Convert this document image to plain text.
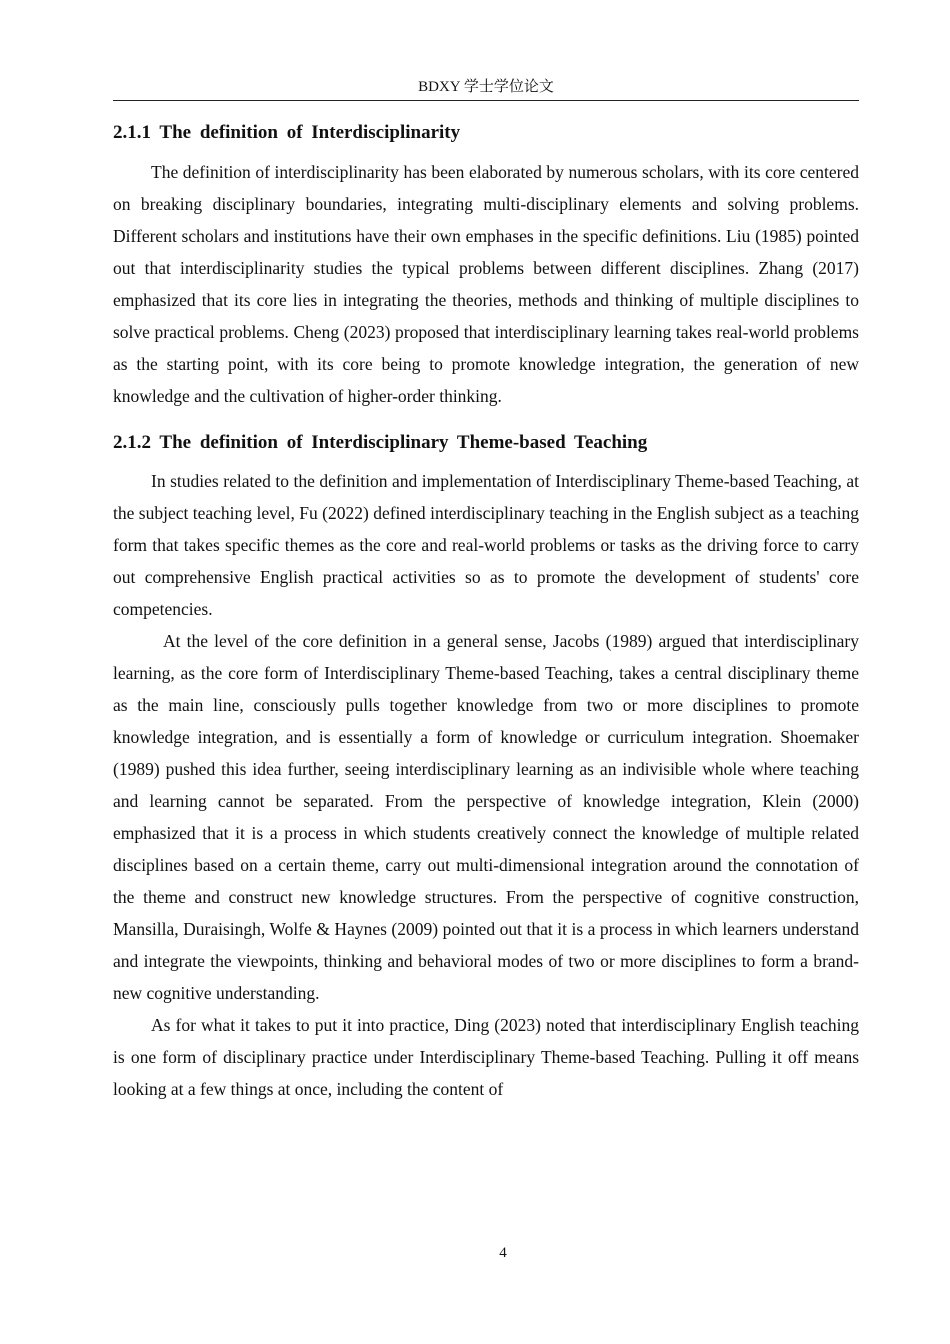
BDXY 学士学位论文
2.1.1 The definition of Interdisciplinarity

The definition of interdisciplinarity has been elaborated by numerous scholars, with its core centered on breaking disciplinary boundaries, integrating multi-disciplinary elements and solving problems. Different scholars and institutions have their own emphases in the specific definitions. Liu (1985) pointed out that interdisciplinarity studies the typical problems between different disciplines. Zhang (2017) emphasized that its core lies in integrating the theories, methods and thinking of multiple disciplines to solve practical problems. Cheng (2023) proposed that interdisciplinary learning takes real-world problems as the starting point, with its core being to promote knowledge integration, the generation of new knowledge and the cultivation of higher-order thinking.

2.1.2 The definition of Interdisciplinary Theme-based Teaching

In studies related to the definition and implementation of Interdisciplinary Theme-based Teaching, at the subject teaching level, Fu (2022) defined interdisciplinary teaching in the English subject as a teaching form that takes specific themes as the core and real-world problems or tasks as the driving force to carry out comprehensive English practical activities so as to promote the development of students' core competencies.

At the level of the core definition in a general sense, Jacobs (1989) argued that interdisciplinary learning, as the core form of Interdisciplinary Theme-based Teaching, takes a central disciplinary theme as the main line, consciously pulls together knowledge from two or more disciplines to promote knowledge integration, and is essentially a form of knowledge or curriculum integration. Shoemaker (1989) pushed this idea further, seeing interdisciplinary learning as an indivisible whole where teaching and learning cannot be separated. From the perspective of knowledge integration, Klein (2000) emphasized that it is a process in which students creatively connect the knowledge of multiple related disciplines based on a certain theme, carry out multi-dimensional integration around the connotation of the theme and construct new knowledge structures. From the perspective of cognitive construction, Mansilla, Duraisingh, Wolfe & Haynes (2009) pointed out that it is a process in which learners understand and integrate the viewpoints, thinking and behavioral modes of two or more disciplines to form a brand-new cognitive understanding.

As for what it takes to put it into practice, Ding (2023) noted that interdisciplinary English teaching is one form of disciplinary practice under Interdisciplinary Theme-based Teaching. Pulling it off means looking at a few things at once, including the content of

4
